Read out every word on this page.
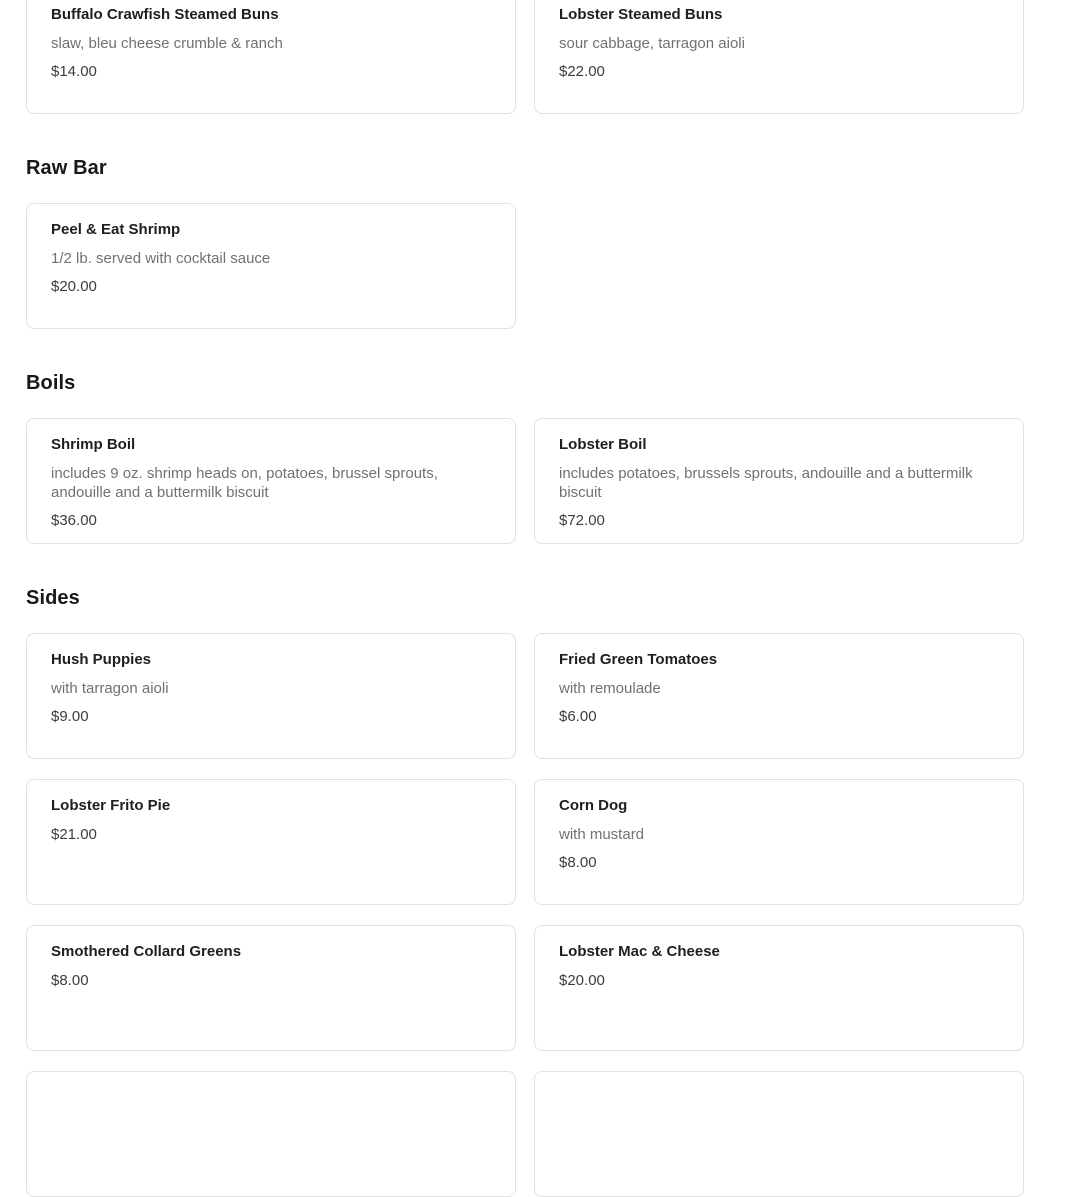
Buffalo Crawfish Steamed Buns

slaw, bleu cheese crumble & ranch

$14.00

Lobster Steamed Buns

sour cabbage, tarragon aioli

$22.00

Raw Bar

Peel & Eat Shrimp

1/2 lb. served with cocktail sauce

$20.00

Boils

Shrimp Boil

includes 9 oz. shrimp heads on, potatoes, brussel sprouts, andouille and a buttermilk biscuit

$36.00

Lobster Boil

includes potatoes, brussels sprouts, andouille and a buttermilk biscuit

$72.00

Sides

Hush Puppies

with tarragon aioli

$9.00

Fried Green Tomatoes

with remoulade

$6.00

Lobster Frito Pie

$21.00

Corn Dog

with mustard

$8.00

Smothered Collard Greens

$8.00

Lobster Mac & Cheese

$20.00
